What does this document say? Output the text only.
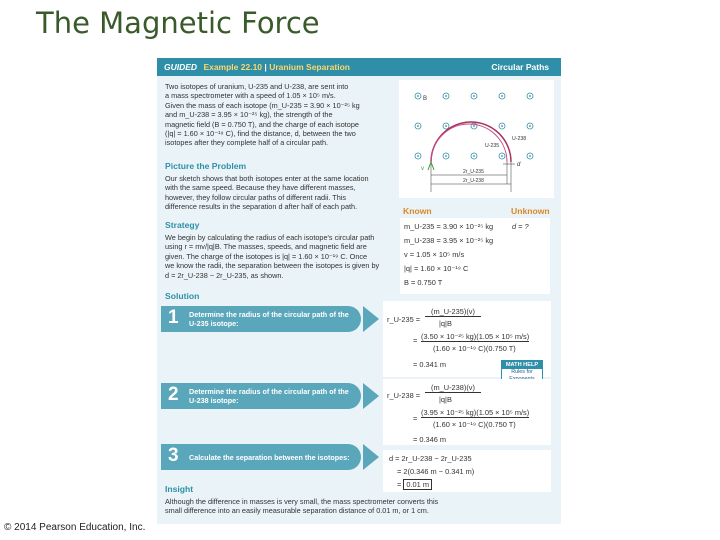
The Magnetic Force
GUIDED Example 22.10 | Uranium Separation	Circular Paths
Two isotopes of uranium, U-235 and U-238, are sent into
a mass spectrometer with a speed of 1.05 × 10⁵ m/s.
Given the mass of each isotope (m_U-235 = 3.90 × 10⁻²⁵ kg
and m_U-238 = 3.95 × 10⁻²⁵ kg), the strength of the
magnetic field (B = 0.750 T), and the charge of each isotope
(|q| = 1.60 × 10⁻¹⁹ C), find the distance, d, between the two
isotopes after they complete half of a circular path.
B
v
U-238
U-235
d
2r_U-235
2r_U-238
Picture the Problem
Our sketch shows that both isotopes enter at the same location
with the same speed. Because they have different masses,
however, they follow circular paths of different radii. This
difference results in the separation d after half of each path.	Known	Unknown
m_U-235 = 3.90 × 10⁻²⁵ kg
m_U-238 = 3.95 × 10⁻²⁵ kg
v = 1.05 × 10⁵ m/s
|q| = 1.60 × 10⁻¹⁹ C
B = 0.750 T
d = ?
Strategy
We begin by calculating the radius of each isotope's circular path
using r = mv/|q|B. The masses, speeds, and magnetic field are
given. The charge of the isotopes is |q| = 1.60 × 10⁻¹⁹ C. Once
we know the radii, the separation between the isotopes is given by
d = 2r_U-238 − 2r_U-235, as shown.
Solution
1 Determine the radius of the circular path of the U-235 isotope:
2 Determine the radius of the circular path of the U-238 isotope:
3 Calculate the separation between the isotopes:
r_U-235 =
(m_U-235)(v)
|q|B
= (3.50 × 10⁻²⁵ kg)(1.05 × 10⁵ m/s)
(1.60 × 10⁻¹⁹ C)(0.750 T)
= 0.341 m	MATH HELP
Rules for
r_U-238 =
(m_U-238)(v)
|q|B
=
(3.95 × 10⁻²⁵ kg)(1.05 × 10⁵ m/s)
(1.60 × 10⁻¹⁹ C)(0.750 T)
= 0.346 m
d = 2r_U-238 − 2r_U-235
= 2(0.346 m − 0.341 m)
= 0.01 m
Insight
Although the difference in masses is very small, the mass spectrometer converts this
small difference into an easily measurable separation distance of 0.01 m, or 1 cm.
© 2014 Pearson Education, Inc.
